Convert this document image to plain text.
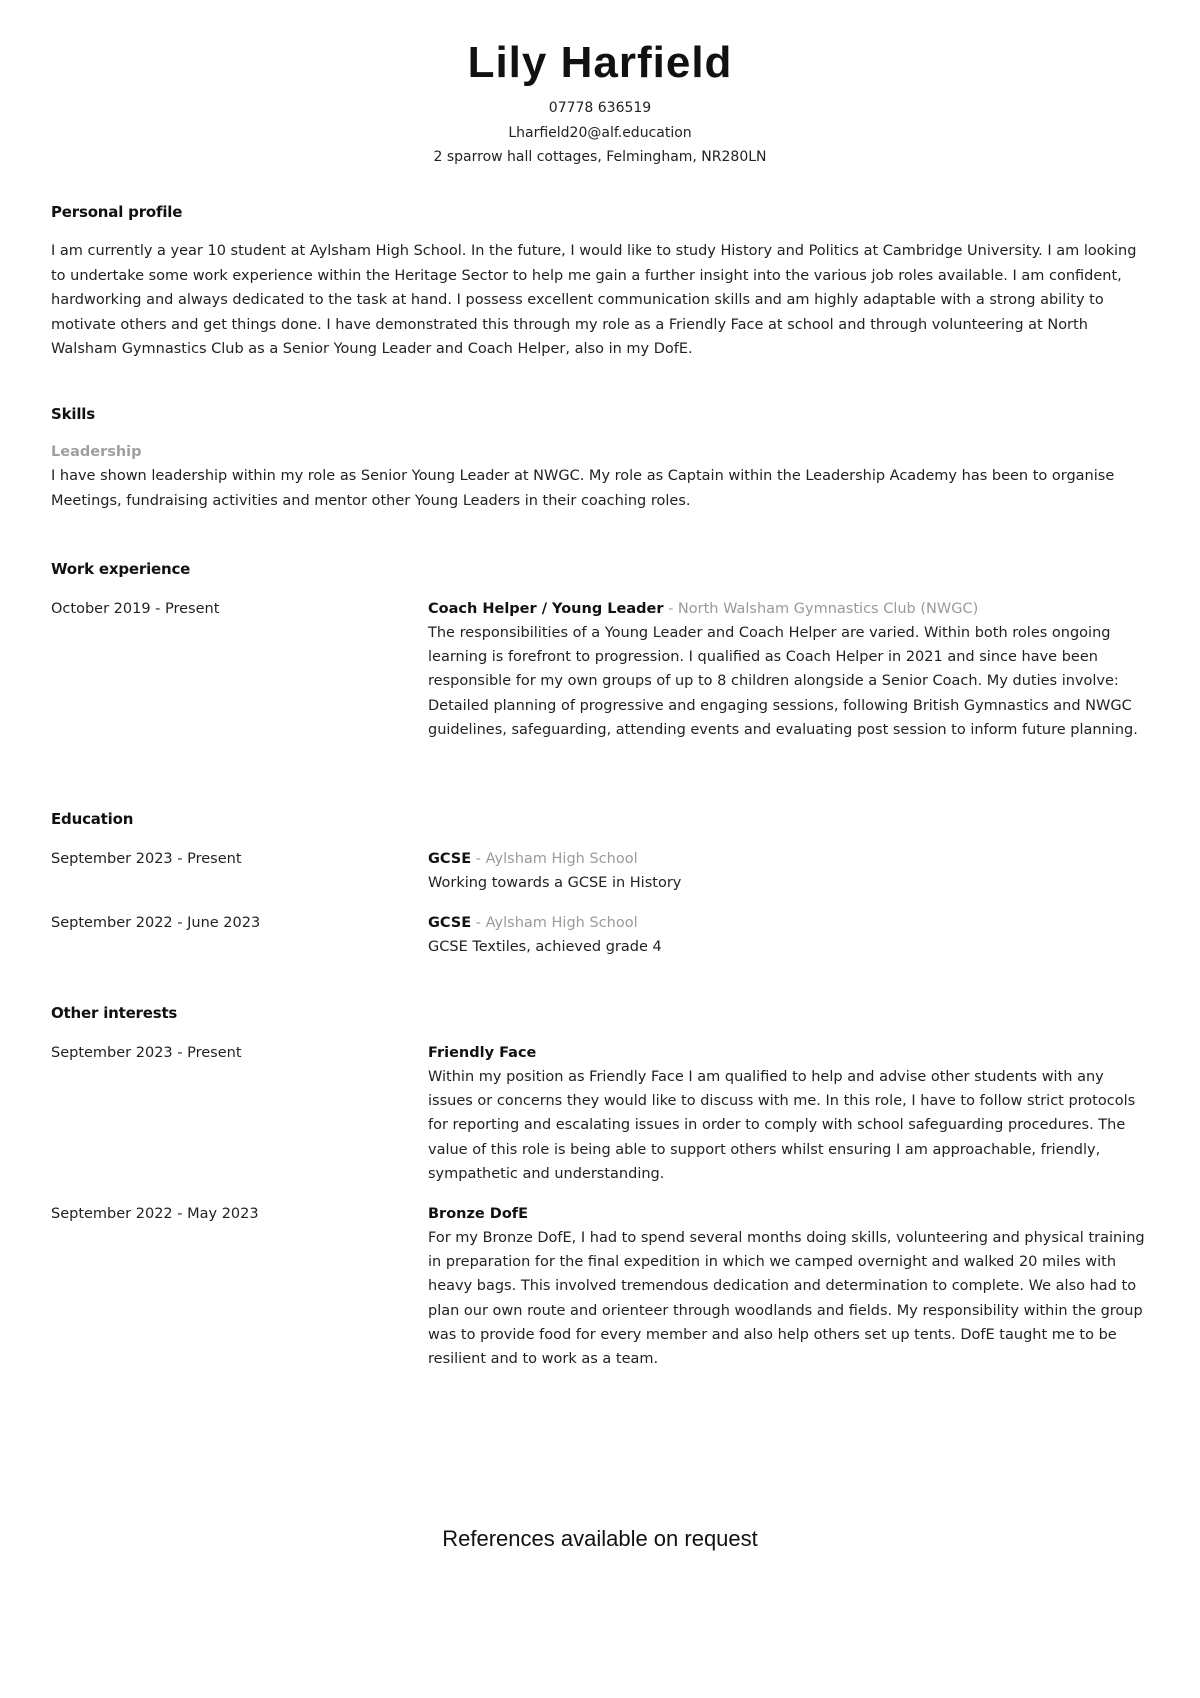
Lily Harfield
07778 636519
Lharfield20@alf.education
2 sparrow hall cottages, Felmingham, NR280LN
Personal profile

I am currently a year 10 student at Aylsham High School. In the future, I would like to study History and Politics at Cambridge University. I am looking to undertake some work experience within the Heritage Sector to help me gain a further insight into the various job roles available. I am confident, hardworking and always dedicated to the task at hand. I possess excellent communication skills and am highly adaptable with a strong ability to motivate others and get things done. I have demonstrated this through my role as a Friendly Face at school and through volunteering at North Walsham Gymnastics Club as a Senior Young Leader and Coach Helper, also in my DofE.

Skills

Leadership

I have shown leadership within my role as Senior Young Leader at NWGC. My role as Captain within the Leadership Academy has been to organise Meetings, fundraising activities and mentor other Young Leaders in their coaching roles.

Work experience
October 2019 - Present	Coach Helper / Young Leader - North Walsham Gymnastics Club (NWGC)

The responsibilities of a Young Leader and Coach Helper are varied. Within both roles ongoing learning is forefront to progression. I qualified as Coach Helper in 2021 and since have been responsible for my own groups of up to 8 children alongside a Senior Coach. My duties involve: Detailed planning of progressive and engaging sessions, following British Gymnastics and NWGC guidelines, safeguarding, attending events and evaluating post session to inform future planning.

Education
September 2023 - Present	GCSE - Aylsham High School

Working towards a GCSE in History

September 2022 - June 2023	GCSE - Aylsham High School

GCSE Textiles, achieved grade 4

Other interests
September 2023 - Present	Friendly Face

Within my position as Friendly Face I am qualified to help and advise other students with any issues or concerns they would like to discuss with me. In this role, I have to follow strict protocols for reporting and escalating issues in order to comply with school safeguarding procedures. The value of this role is being able to support others whilst ensuring I am approachable, friendly, sympathetic and understanding.

September 2022 - May 2023	Bronze DofE

For my Bronze DofE, I had to spend several months doing skills, volunteering and physical training in preparation for the final expedition in which we camped overnight and walked 20 miles with heavy bags. This involved tremendous dedication and determination to complete. We also had to plan our own route and orienteer through woodlands and fields. My responsibility within the group was to provide food for every member and also help others set up tents. DofE taught me to be resilient and to work as a team.

References available on request
